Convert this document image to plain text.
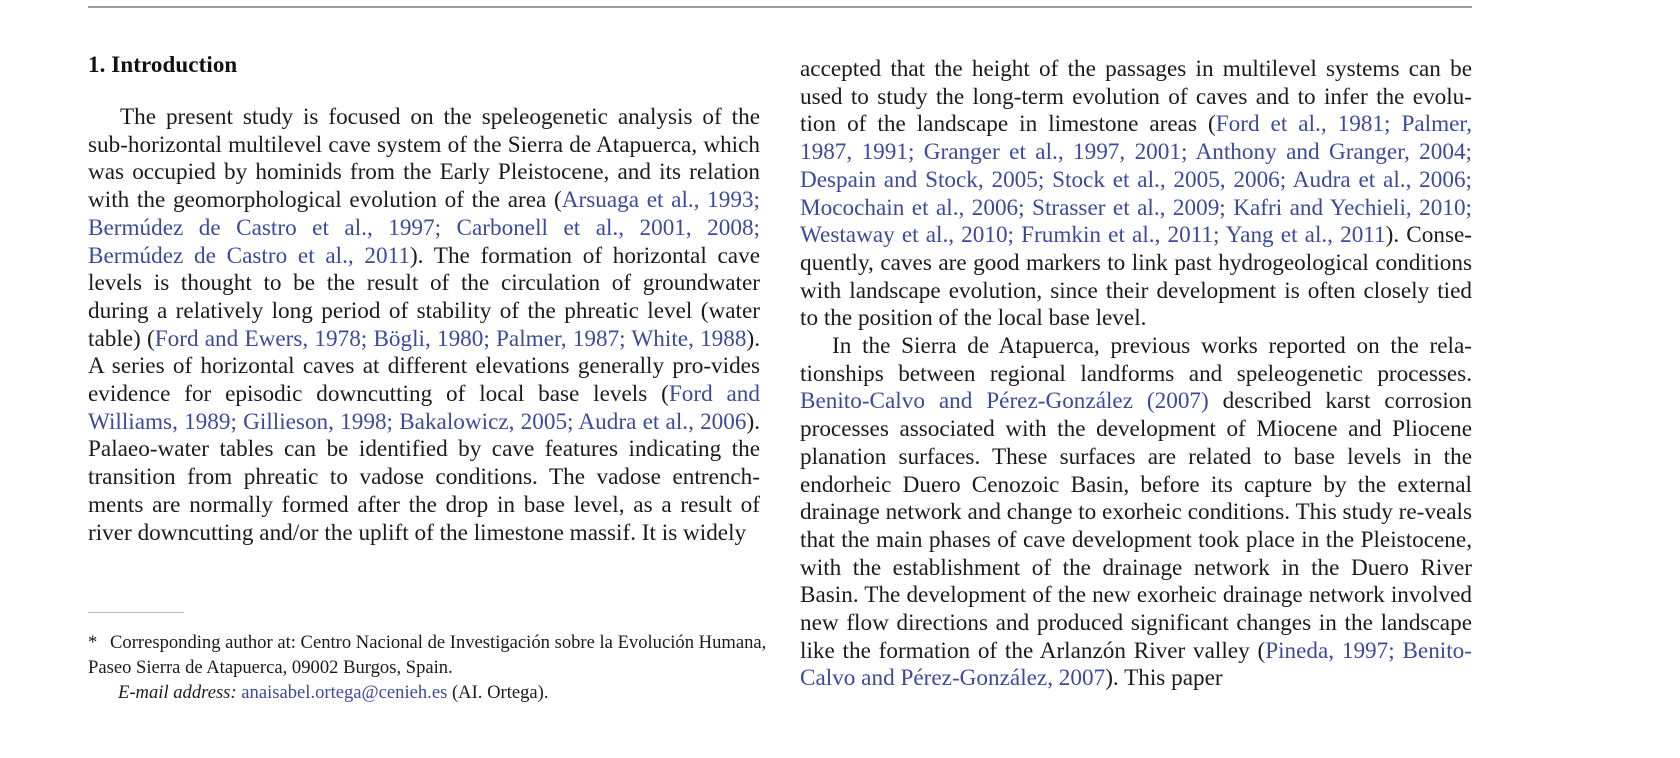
1. Introduction

The present study is focused on the speleogenetic analysis of the sub-horizontal multilevel cave system of the Sierra de Atapuerca, which was occupied by hominids from the Early Pleistocene, and its relation with the geomorphological evolution of the area (Arsuaga et al., 1993; Bermúdez de Castro et al., 1997; Carbonell et al., 2001, 2008; Bermúdez de Castro et al., 2011). The formation of horizontal cave levels is thought to be the result of the circulation of groundwater during a relatively long period of stability of the phreatic level (water table) (Ford and Ewers, 1978; Bögli, 1980; Palmer, 1987; White, 1988). A series of horizontal caves at different elevations generally pro-vides evidence for episodic downcutting of local base levels (Ford and Williams, 1989; Gillieson, 1998; Bakalowicz, 2005; Audra et al., 2006). Palaeo-water tables can be identified by cave features indicating the transition from phreatic to vadose conditions. The vadose entrench-ments are normally formed after the drop in base level, as a result of river downcutting and/or the uplift of the limestone massif. It is widely

accepted that the height of the passages in multilevel systems can be used to study the long-term evolution of caves and to infer the evolu-tion of the landscape in limestone areas (Ford et al., 1981; Palmer, 1987, 1991; Granger et al., 1997, 2001; Anthony and Granger, 2004; Despain and Stock, 2005; Stock et al., 2005, 2006; Audra et al., 2006; Mocochain et al., 2006; Strasser et al., 2009; Kafri and Yechieli, 2010; Westaway et al., 2010; Frumkin et al., 2011; Yang et al., 2011). Conse-quently, caves are good markers to link past hydrogeological conditions with landscape evolution, since their development is often closely tied to the position of the local base level.

In the Sierra de Atapuerca, previous works reported on the rela-tionships between regional landforms and speleogenetic processes. Benito-Calvo and Pérez-González (2007) described karst corrosion processes associated with the development of Miocene and Pliocene planation surfaces. These surfaces are related to base levels in the endorheic Duero Cenozoic Basin, before its capture by the external drainage network and change to exorheic conditions. This study re-veals that the main phases of cave development took place in the Pleistocene, with the establishment of the drainage network in the Duero River Basin. The development of the new exorheic drainage network involved new flow directions and produced significant changes in the landscape like the formation of the Arlanzón River valley (Pineda, 1997; Benito-Calvo and Pérez-González, 2007). This paper

* Corresponding author at: Centro Nacional de Investigación sobre la Evolución Humana,

Paseo Sierra de Atapuerca, 09002 Burgos, Spain.

E-mail address: anaisabel.ortega@cenieh.es (AI. Ortega).
